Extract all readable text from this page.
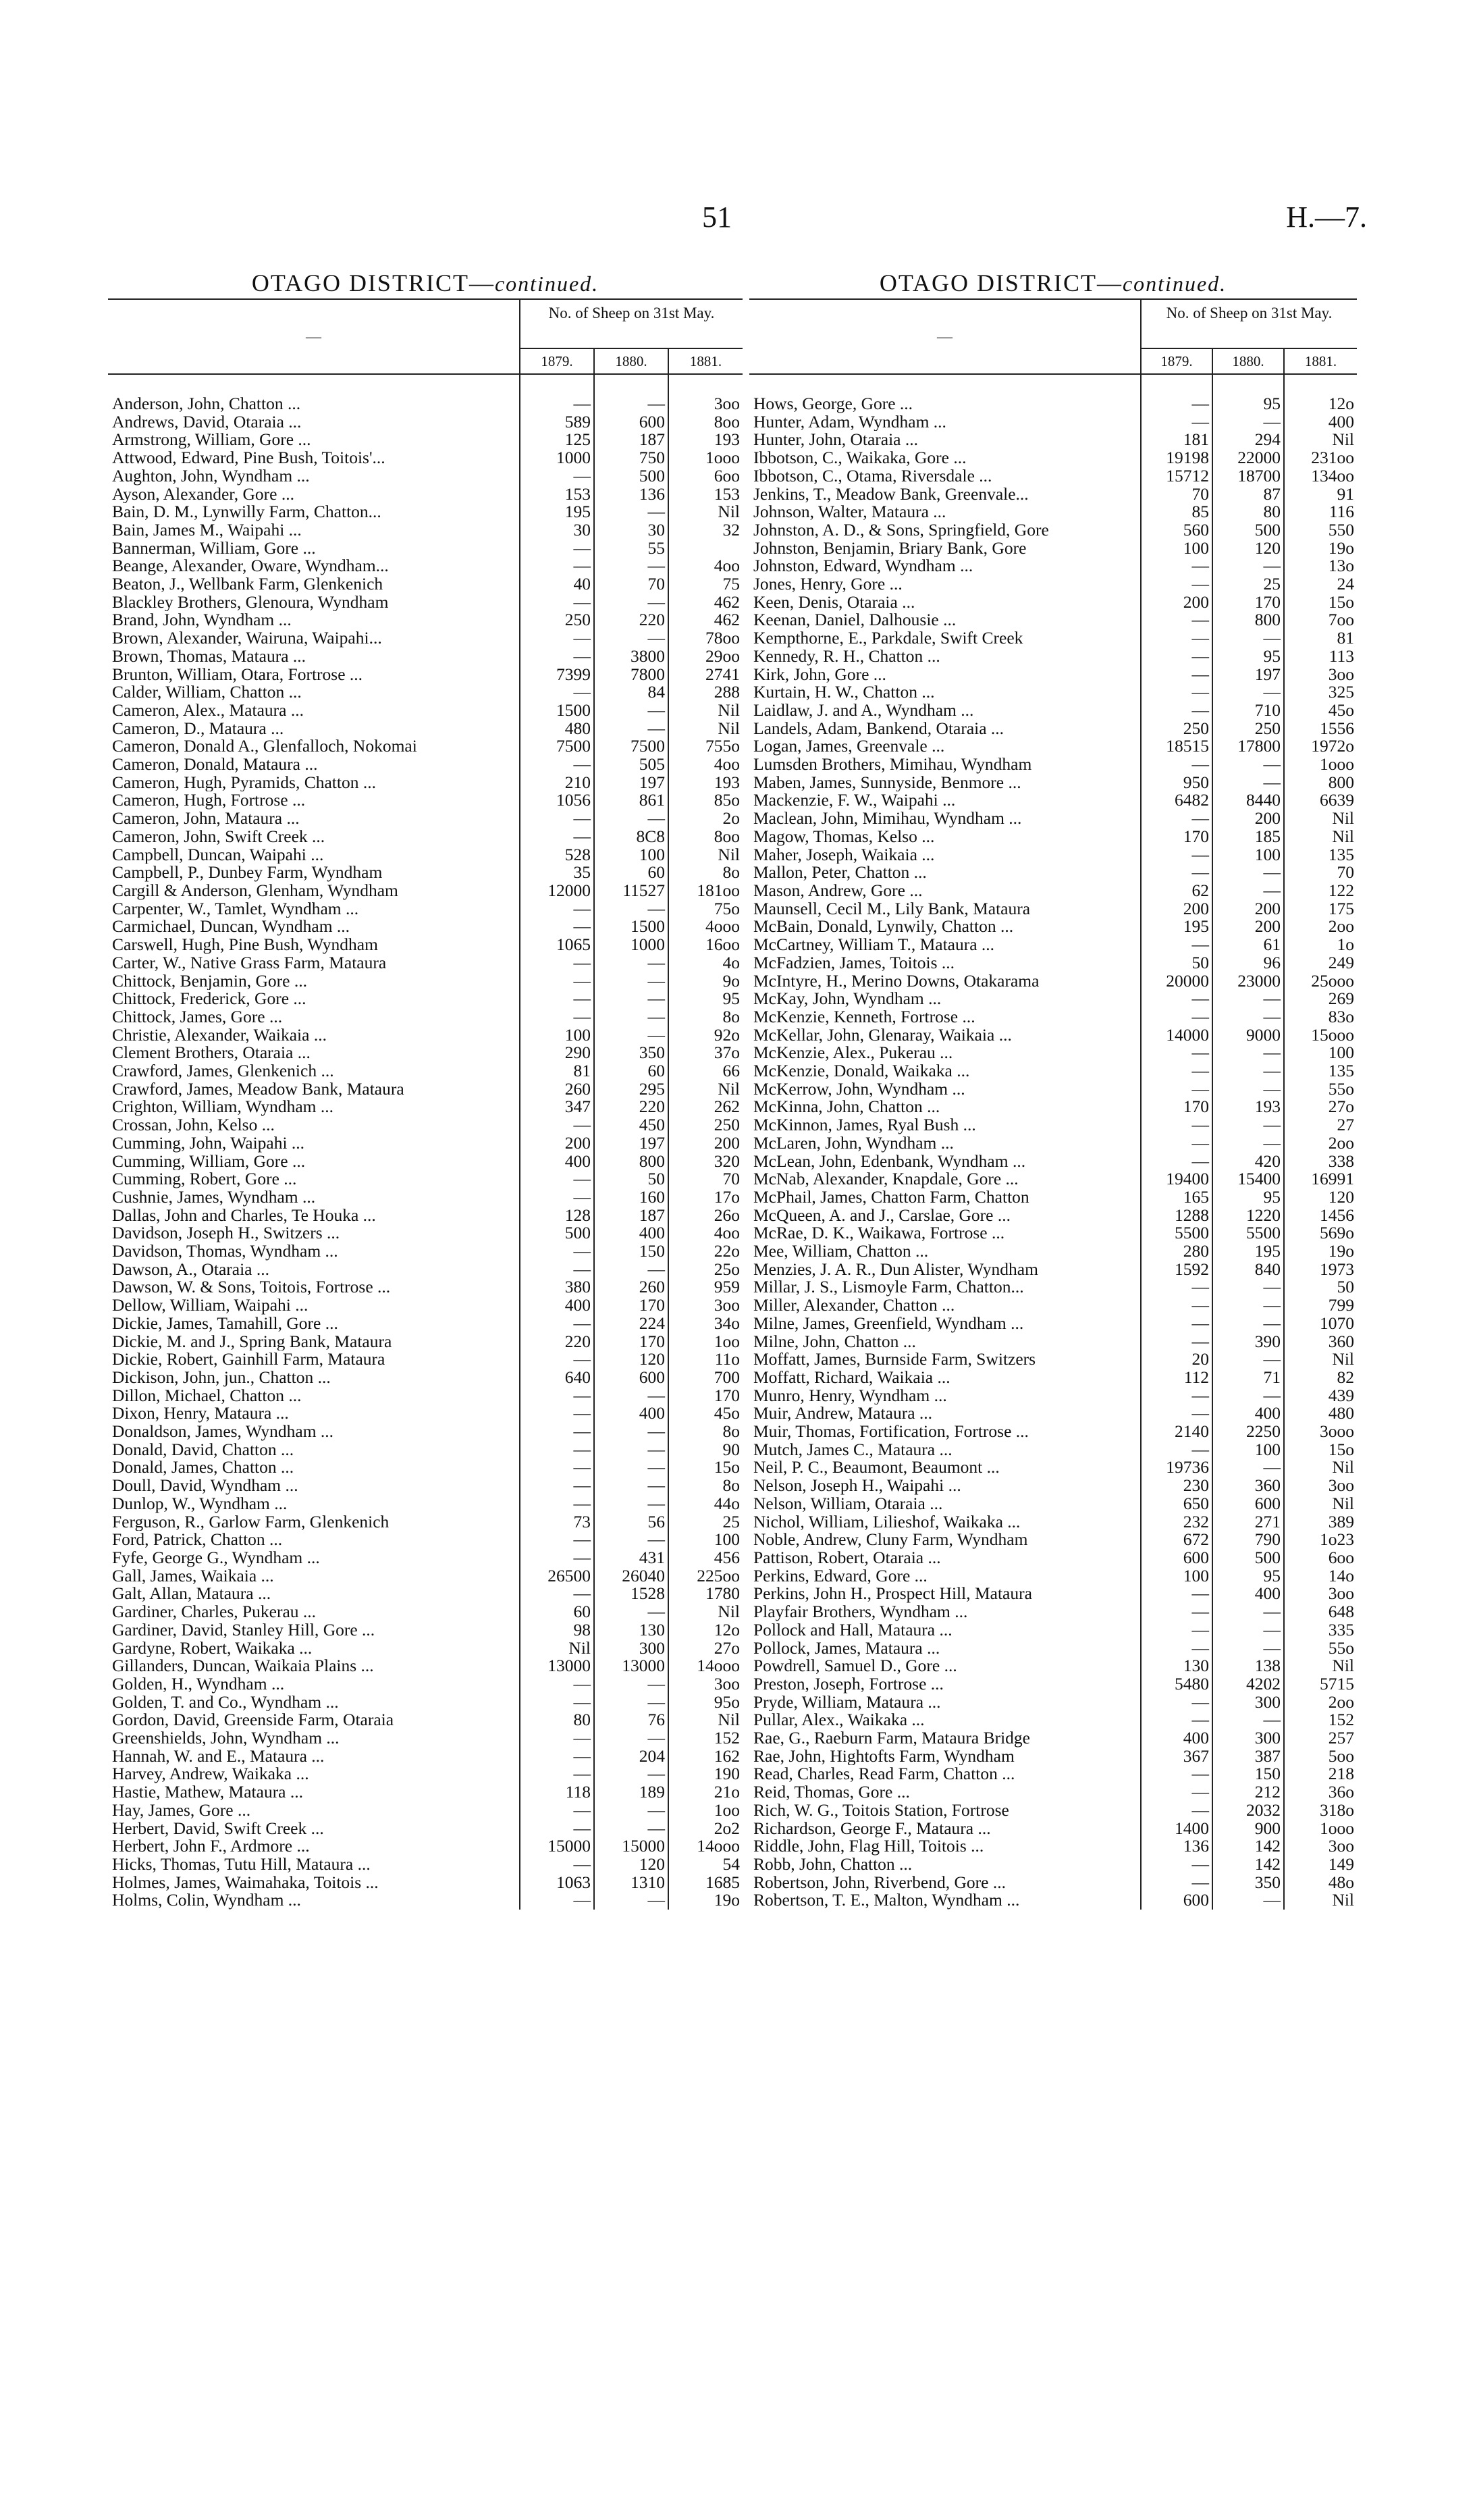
51	H.—7.
OTAGO DISTRICT—continued.
—	No. of Sheep on 31st May.		
	1879.	1880.	1881.
Anderson, John, Chatton ...	—	—	3oo
Andrews, David, Otaraia ...	589	600	8oo
Armstrong, William, Gore ...	125	187	193
Attwood, Edward, Pine Bush, Toitois'...	1000	750	1ooo
Aughton, John, Wyndham ...	—	500	6oo
Ayson, Alexander, Gore ...	153	136	153
Bain, D. M., Lynwilly Farm, Chatton...	195	—	Nil
Bain, James M., Waipahi ...	30	30	32
Bannerman, William, Gore ...	—	55	
Beange, Alexander, Oware, Wyndham...	—	—	4oo
Beaton, J., Wellbank Farm, Glenkenich	40	70	75
Blackley Brothers, Glenoura, Wyndham	—	—	462
Brand, John, Wyndham ...	250	220	462
Brown, Alexander, Wairuna, Waipahi...	—	—	78oo
Brown, Thomas, Mataura ...	—	3800	29oo
Brunton, William, Otara, Fortrose ...	7399	7800	2741
Calder, William, Chatton ...	—	84	288
Cameron, Alex., Mataura ...	1500	—	Nil
Cameron, D., Mataura ...	480	—	Nil
Cameron, Donald A., Glenfalloch, Nokomai	7500	7500	755o
Cameron, Donald, Mataura ...	—	505	4oo
Cameron, Hugh, Pyramids, Chatton ...	210	197	193
Cameron, Hugh, Fortrose ...	1056	861	85o
Cameron, John, Mataura ...	—	—	2o
Cameron, John, Swift Creek ...	—	8C8	8oo
Campbell, Duncan, Waipahi ...	528	100	Nil
Campbell, P., Dunbey Farm, Wyndham	35	60	8o
Cargill & Anderson, Glenham, Wyndham	12000	11527	181oo
Carpenter, W., Tamlet, Wyndham ...	—	—	75o
Carmichael, Duncan, Wyndham ...	—	1500	4ooo
Carswell, Hugh, Pine Bush, Wyndham	1065	1000	16oo
Carter, W., Native Grass Farm, Mataura	—	—	4o
Chittock, Benjamin, Gore ...	—	—	9o
Chittock, Frederick, Gore ...	—	—	95
Chittock, James, Gore ...	—	—	8o
Christie, Alexander, Waikaia ...	100	—	92o
Clement Brothers, Otaraia ...	290	350	37o
Crawford, James, Glenkenich ...	81	60	66
Crawford, James, Meadow Bank, Mataura	260	295	Nil
Crighton, William, Wyndham ...	347	220	262
Crossan, John, Kelso ...	—	450	250
Cumming, John, Waipahi ...	200	197	200
Cumming, William, Gore ...	400	800	320
Cumming, Robert, Gore ...	—	50	70
Cushnie, James, Wyndham ...	—	160	17o
Dallas, John and Charles, Te Houka ...	128	187	26o
Davidson, Joseph H., Switzers ...	500	400	4oo
Davidson, Thomas, Wyndham ...	—	150	22o
Dawson, A., Otaraia ...	—	—	25o
Dawson, W. & Sons, Toitois, Fortrose ...	380	260	959
Dellow, William, Waipahi ...	400	170	3oo
Dickie, James, Tamahill, Gore ...	—	224	34o
Dickie, M. and J., Spring Bank, Mataura	220	170	1oo
Dickie, Robert, Gainhill Farm, Mataura	—	120	11o
Dickison, John, jun., Chatton ...	640	600	700
Dillon, Michael, Chatton ...	—	—	170
Dixon, Henry, Mataura ...	—	400	45o
Donaldson, James, Wyndham ...	—	—	8o
Donald, David, Chatton ...	—	—	90
Donald, James, Chatton ...	—	—	15o
Doull, David, Wyndham ...	—	—	8o
Dunlop, W., Wyndham ...	—	—	44o
Ferguson, R., Garlow Farm, Glenkenich	73	56	25
Ford, Patrick, Chatton ...	—	—	100
Fyfe, George G., Wyndham ...	—	431	456
Gall, James, Waikaia ...	26500	26040	225oo
Galt, Allan, Mataura ...	—	1528	1780
Gardiner, Charles, Pukerau ...	60	—	Nil
Gardiner, David, Stanley Hill, Gore ...	98	130	12o
Gardyne, Robert, Waikaka ...	Nil	300	27o
Gillanders, Duncan, Waikaia Plains ...	13000	13000	14ooo
Golden, H., Wyndham ...	—	—	3oo
Golden, T. and Co., Wyndham ...	—	—	95o
Gordon, David, Greenside Farm, Otaraia	80	76	Nil
Greenshields, John, Wyndham ...	—	—	152
Hannah, W. and E., Mataura ...	—	204	162
Harvey, Andrew, Waikaka ...	—	—	190
Hastie, Mathew, Mataura ...	118	189	21o
Hay, James, Gore ...	—	—	1oo
Herbert, David, Swift Creek ...	—	—	2o2
Herbert, John F., Ardmore ...	15000	15000	14ooo
Hicks, Thomas, Tutu Hill, Mataura ...	—	120	54
Holmes, James, Waimahaka, Toitois ...	1063	1310	1685
Holms, Colin, Wyndham ...	—	—	19o
OTAGO DISTRICT—continued.
—	No. of Sheep on 31st May.		
	1879.	1880.	1881.
Hows, George, Gore ...	—	95	12o
Hunter, Adam, Wyndham ...	—	—	400
Hunter, John, Otaraia ...	181	294	Nil
Ibbotson, C., Waikaka, Gore ...	19198	22000	231oo
Ibbotson, C., Otama, Riversdale ...	15712	18700	134oo
Jenkins, T., Meadow Bank, Greenvale...	70	87	91
Johnson, Walter, Mataura ...	85	80	116
Johnston, A. D., & Sons, Springfield, Gore	560	500	550
Johnston, Benjamin, Briary Bank, Gore	100	120	19o
Johnston, Edward, Wyndham ...	—	—	13o
Jones, Henry, Gore ...	—	25	24
Keen, Denis, Otaraia ...	200	170	15o
Keenan, Daniel, Dalhousie ...	—	800	7oo
Kempthorne, E., Parkdale, Swift Creek	—	—	81
Kennedy, R. H., Chatton ...	—	95	113
Kirk, John, Gore ...	—	197	3oo
Kurtain, H. W., Chatton ...	—	—	325
Laidlaw, J. and A., Wyndham ...	—	710	45o
Landels, Adam, Bankend, Otaraia ...	250	250	1556
Logan, James, Greenvale ...	18515	17800	1972o
Lumsden Brothers, Mimihau, Wyndham	—	—	1ooo
Maben, James, Sunnyside, Benmore ...	950	—	800
Mackenzie, F. W., Waipahi ...	6482	8440	6639
Maclean, John, Mimihau, Wyndham ...	—	200	Nil
Magow, Thomas, Kelso ...	170	185	Nil
Maher, Joseph, Waikaia ...	—	100	135
Mallon, Peter, Chatton ...	—	—	70
Mason, Andrew, Gore ...	62	—	122
Maunsell, Cecil M., Lily Bank, Mataura	200	200	175
McBain, Donald, Lynwily, Chatton ...	195	200	2oo
McCartney, William T., Mataura ...	—	61	1o
McFadzien, James, Toitois ...	50	96	249
McIntyre, H., Merino Downs, Otakarama	20000	23000	25ooo
McKay, John, Wyndham ...	—	—	269
McKenzie, Kenneth, Fortrose ...	—	—	83o
McKellar, John, Glenaray, Waikaia ...	14000	9000	15ooo
McKenzie, Alex., Pukerau ...	—	—	100
McKenzie, Donald, Waikaka ...	—	—	135
McKerrow, John, Wyndham ...	—	—	55o
McKinna, John, Chatton ...	170	193	27o
McKinnon, James, Ryal Bush ...	—	—	27
McLaren, John, Wyndham ...	—	—	2oo
McLean, John, Edenbank, Wyndham ...	—	420	338
McNab, Alexander, Knapdale, Gore ...	19400	15400	16991
McPhail, James, Chatton Farm, Chatton	165	95	120
McQueen, A. and J., Carslae, Gore ...	1288	1220	1456
McRae, D. K., Waikawa, Fortrose ...	5500	5500	569o
Mee, William, Chatton ...	280	195	19o
Menzies, J. A. R., Dun Alister, Wyndham	1592	840	1973
Millar, J. S., Lismoyle Farm, Chatton...	—	—	50
Miller, Alexander, Chatton ...	—	—	799
Milne, James, Greenfield, Wyndham ...	—	—	1070
Milne, John, Chatton ...	—	390	360
Moffatt, James, Burnside Farm, Switzers	20	—	Nil
Moffatt, Richard, Waikaia ...	112	71	82
Munro, Henry, Wyndham ...	—	—	439
Muir, Andrew, Mataura ...	—	400	480
Muir, Thomas, Fortification, Fortrose ...	2140	2250	3ooo
Mutch, James C., Mataura ...	—	100	15o
Neil, P. C., Beaumont, Beaumont ...	19736	—	Nil
Nelson, Joseph H., Waipahi ...	230	360	3oo
Nelson, William, Otaraia ...	650	600	Nil
Nichol, William, Lilieshof, Waikaka ...	232	271	389
Noble, Andrew, Cluny Farm, Wyndham	672	790	1o23
Pattison, Robert, Otaraia ...	600	500	6oo
Perkins, Edward, Gore ...	100	95	14o
Perkins, John H., Prospect Hill, Mataura	—	400	3oo
Playfair Brothers, Wyndham ...	—	—	648
Pollock and Hall, Mataura ...	—	—	335
Pollock, James, Mataura ...	—	—	55o
Powdrell, Samuel D., Gore ...	130	138	Nil
Preston, Joseph, Fortrose ...	5480	4202	5715
Pryde, William, Mataura ...	—	300	2oo
Pullar, Alex., Waikaka ...	—	—	152
Rae, G., Raeburn Farm, Mataura Bridge	400	300	257
Rae, John, Hightofts Farm, Wyndham	367	387	5oo
Read, Charles, Read Farm, Chatton ...	—	150	218
Reid, Thomas, Gore ...	—	212	36o
Rich, W. G., Toitois Station, Fortrose	—	2032	318o
Richardson, George F., Mataura ...	1400	900	1ooo
Riddle, John, Flag Hill, Toitois ...	136	142	3oo
Robb, John, Chatton ...	—	142	149
Robertson, John, Riverbend, Gore ...	—	350	48o
Robertson, T. E., Malton, Wyndham ...	600	—	Nil
